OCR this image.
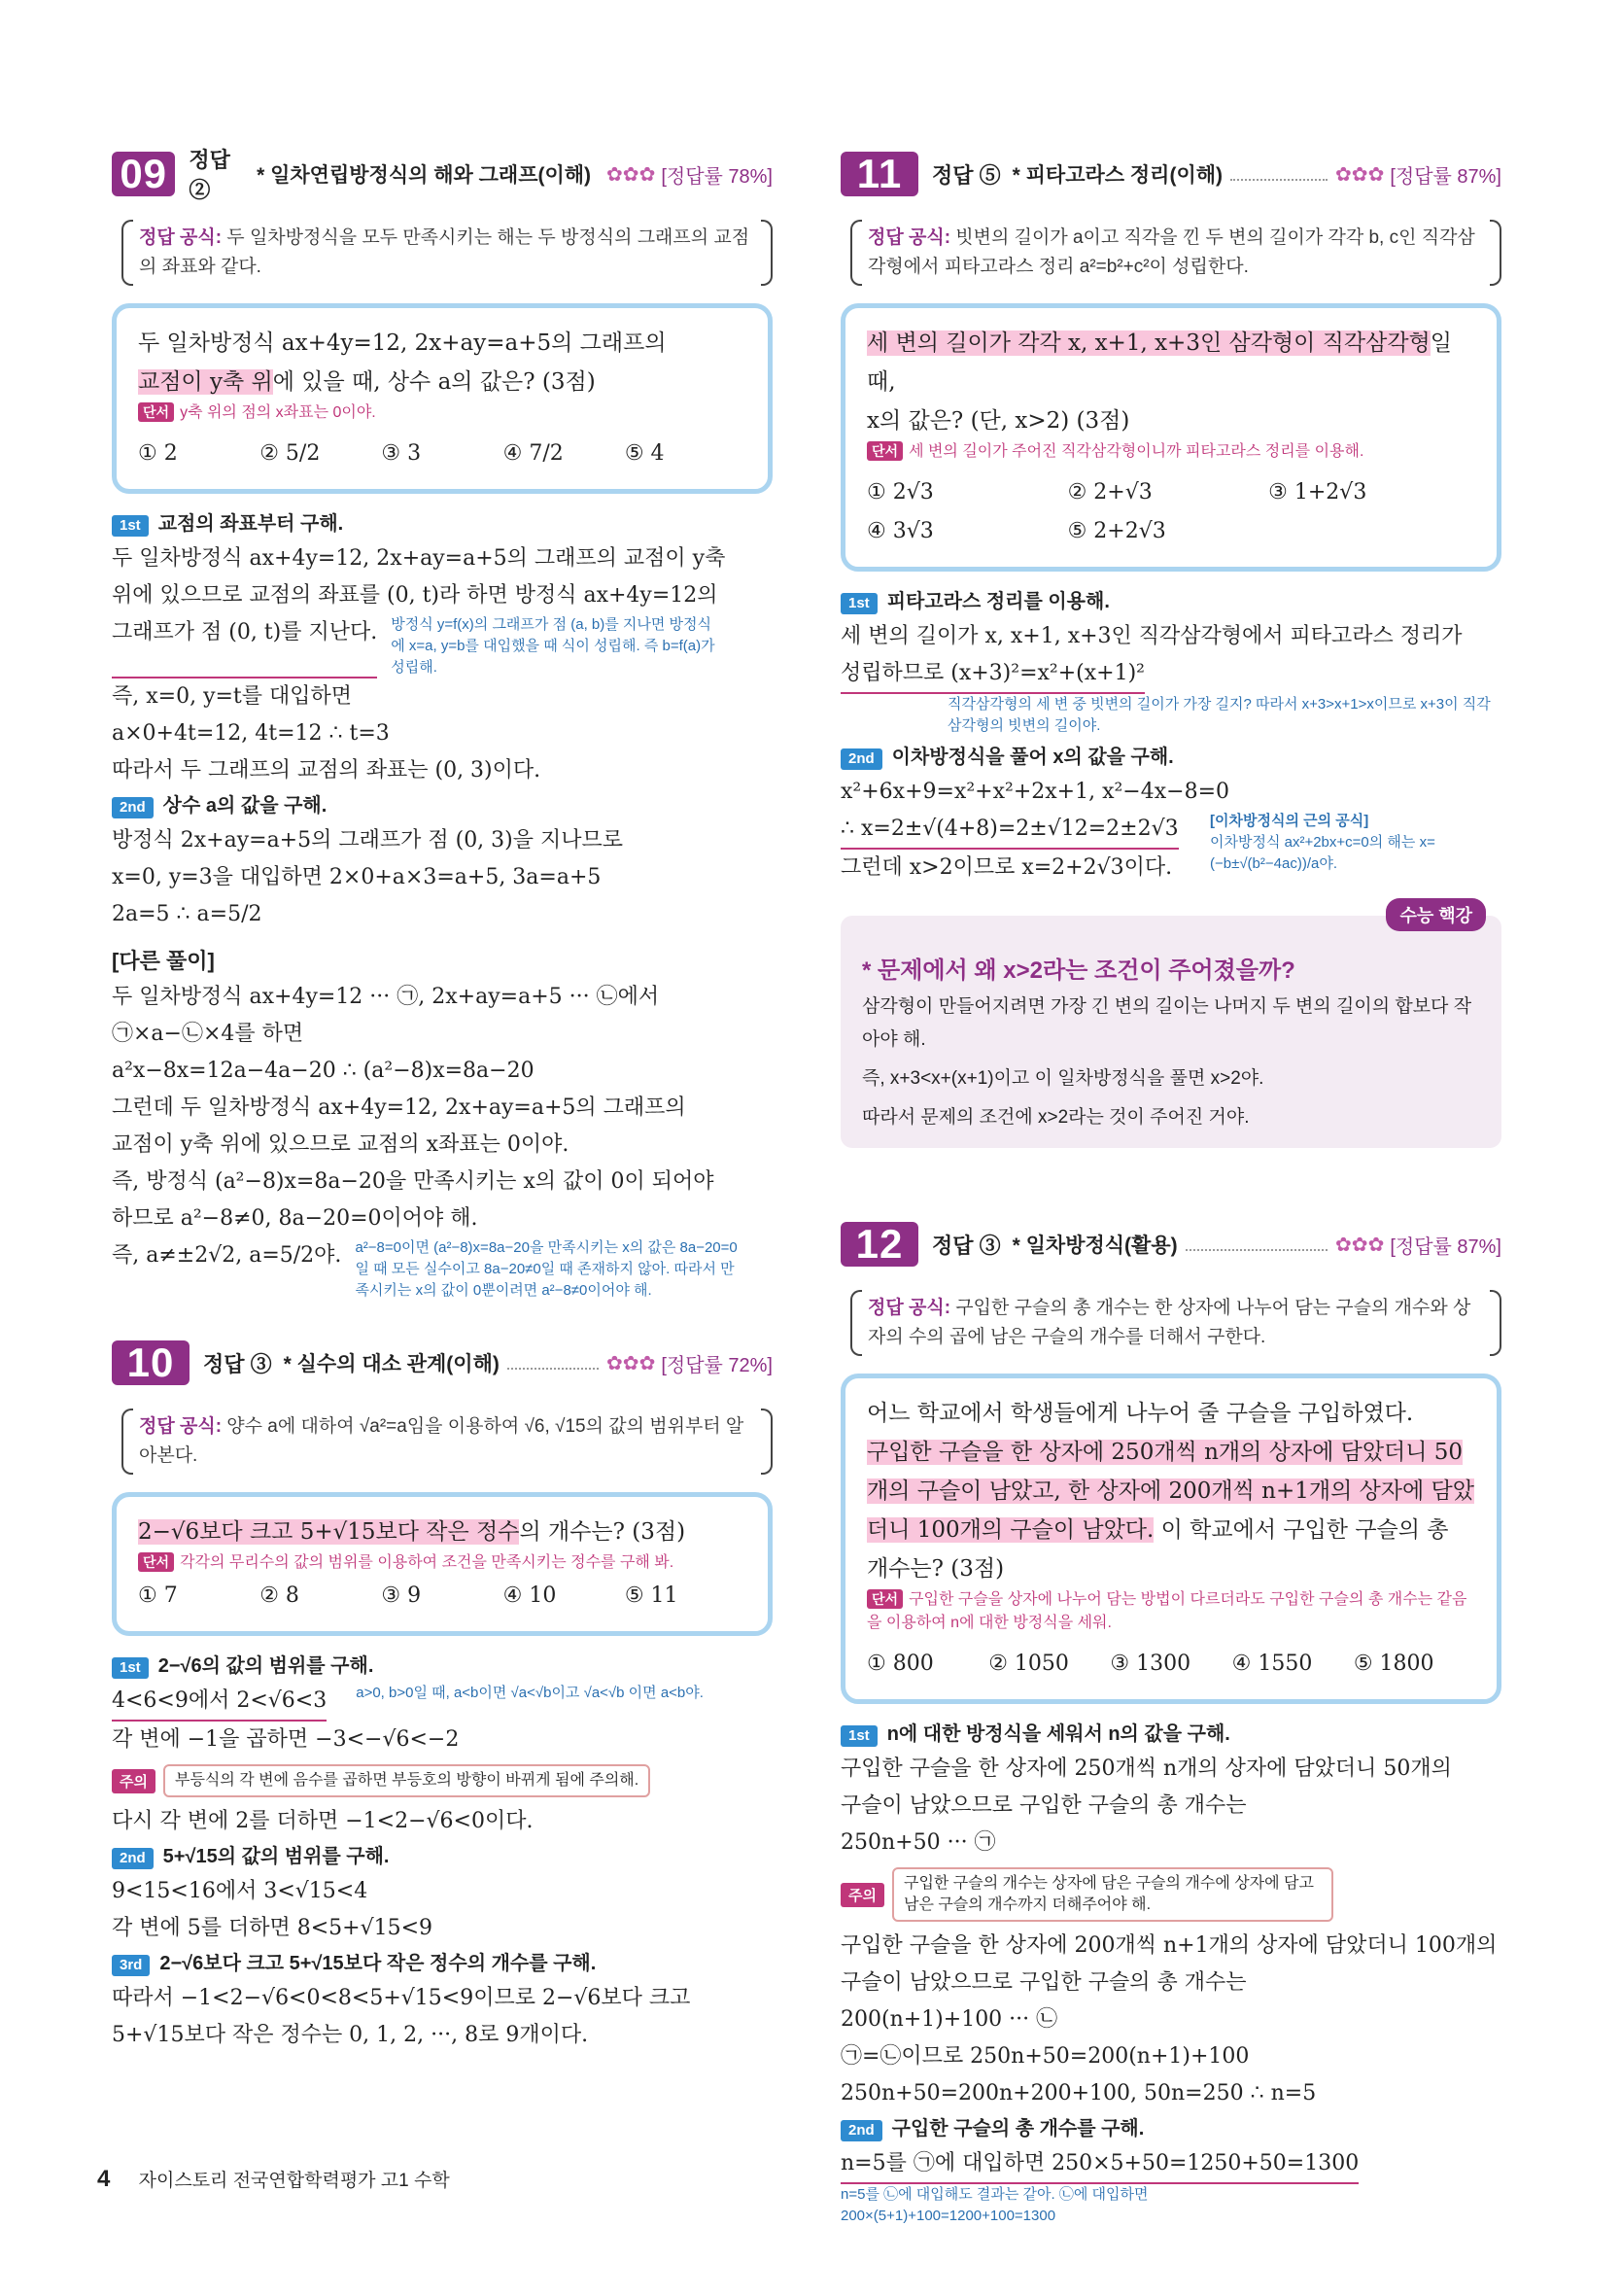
09	정답 ②
* 일차연립방정식의 해와 그래프(이해) ✿✿✿ [정답률 78%]
정답 공식: 두 일차방정식을 모두 만족시키는 해는 두 방정식의 그래프의 교점의 좌표와 같다.
두 일차방정식 ax+4y=12, 2x+ay=a+5의 그래프의
교점이 y축 위에 있을 때, 상수 a의 값은? (3점)
단서 y축 위의 점의 x좌표는 0이야.
① 2	② 5/2	③ 3	④ 7/2	⑤ 4
1st 교점의 좌표부터 구해.
두 일차방정식 ax+4y=12, 2x+ay=a+5의 그래프의 교점이 y축
위에 있으므로 교점의 좌표를 (0, t)라 하면 방정식 ax+4y=12의
그래프가 점 (0, t)를 지난다. 방정식 y=f(x)의 그래프가 점 (a, b)를 지나면 방정식에 x=a, y=b를 대입했을 때 식이 성립해. 즉 b=f(a)가 성립해.
즉, x=0, y=t를 대입하면
a×0+4t=12, 4t=12 ∴ t=3
따라서 두 그래프의 교점의 좌표는 (0, 3)이다.
2nd 상수 a의 값을 구해.
방정식 2x+ay=a+5의 그래프가 점 (0, 3)을 지나므로
x=0, y=3을 대입하면 2×0+a×3=a+5, 3a=a+5
2a=5 ∴ a=5/2
[다른 풀이]
두 일차방정식 ax+4y=12 ··· ㉠, 2x+ay=a+5 ··· ㉡에서
㉠×a−㉡×4를 하면
a²x−8x=12a−4a−20 ∴ (a²−8)x=8a−20
그런데 두 일차방정식 ax+4y=12, 2x+ay=a+5의 그래프의
교점이 y축 위에 있으므로 교점의 x좌표는 0이야.
즉, 방정식 (a²−8)x=8a−20을 만족시키는 x의 값이 0이 되어야
하므로 a²−8≠0, 8a−20=0이어야 해.
즉, a≠±2√2, a=5/2야. a²−8=0이면 (a²−8)x=8a−20을 만족시키는 x의 값은 8a−20=0일 때 모든 실수이고 8a−20≠0일 때 존재하지 않아. 따라서 만족시키는 x의 값이 0뿐이려면 a²−8≠0이어야 해.
10	정답 ③ * 실수의 대소 관계(이해)	✿✿✿ [정답률 72%]
정답 공식: 양수 a에 대하여 √a²=a임을 이용하여 √6, √15의 값의 범위부터 알아본다.
2−√6보다 크고 5+√15보다 작은 정수의 개수는? (3점)
단서 각각의 무리수의 값의 범위를 이용하여 조건을 만족시키는 정수를 구해 봐.
① 7	② 8	③ 9	④ 10	⑤ 11
1st 2−√6의 값의 범위를 구해.
4<6<9에서 2<√6<3 a>0, b>0일 때, a<b이면 √a<√b이고 √a<√b 이면 a<b야.
각 변에 −1을 곱하면 −3<−√6<−2
주의	부등식의 각 변에 음수를 곱하면 부등호의 방향이 바뀌게 됨에 주의해.
다시 각 변에 2를 더하면 −1<2−√6<0이다.
2nd 5+√15의 값의 범위를 구해.
9<15<16에서 3<√15<4
각 변에 5를 더하면 8<5+√15<9
3rd 2−√6보다 크고 5+√15보다 작은 정수의 개수를 구해.
따라서 −1<2−√6<0<8<5+√15<9이므로 2−√6보다 크고
5+√15보다 작은 정수는 0, 1, 2, ···, 8로 9개이다.
11	정답 ⑤ * 피타고라스 정리(이해)	✿✿✿ [정답률 87%]
정답 공식: 빗변의 길이가 a이고 직각을 낀 두 변의 길이가 각각 b, c인 직각삼각형에서 피타고라스 정리 a²=b²+c²이 성립한다.
세 변의 길이가 각각 x, x+1, x+3인 삼각형이 직각삼각형일 때,
x의 값은? (단, x>2) (3점)
단서 세 변의 길이가 주어진 직각삼각형이니까 피타고라스 정리를 이용해.
① 2√3	② 2+√3	③ 1+2√3
④ 3√3	⑤ 2+2√3
1st 피타고라스 정리를 이용해.
세 변의 길이가 x, x+1, x+3인 직각삼각형에서 피타고라스 정리가
성립하므로 (x+3)²=x²+(x+1)²
직각삼각형의 세 변 중 빗변의 길이가 가장 길지? 따라서 x+3>x+1>x이므로 x+3이 직각삼각형의 빗변의 길이야.
2nd 이차방정식을 풀어 x의 값을 구해.
x²+6x+9=x²+x²+2x+1, x²−4x−8=0
∴ x=2±√(4+8)=2±√12=2±2√3
그런데 x>2이므로 x=2+2√3이다.
[이차방정식의 근의 공식]
이차방정식 ax²+2bx+c=0의 해는 x=(−b±√(b²−4ac))/a야.
수능 핵강
* 문제에서 왜 x>2라는 조건이 주어졌을까?
삼각형이 만들어지려면 가장 긴 변의 길이는 나머지 두 변의 길이의 합보다 작아야 해.
즉, x+3<x+(x+1)이고 이 일차방정식을 풀면 x>2야.
따라서 문제의 조건에 x>2라는 것이 주어진 거야.
12	정답 ③ * 일차방정식(활용)	✿✿✿ [정답률 87%]
정답 공식: 구입한 구슬의 총 개수는 한 상자에 나누어 담는 구슬의 개수와 상자의 수의 곱에 남은 구슬의 개수를 더해서 구한다.
어느 학교에서 학생들에게 나누어 줄 구슬을 구입하였다.
구입한 구슬을 한 상자에 250개씩 n개의 상자에 담았더니 50개의 구슬이 남았고, 한 상자에 200개씩 n+1개의 상자에 담았더니 100개의 구슬이 남았다. 이 학교에서 구입한 구슬의 총 개수는? (3점)
단서 구입한 구슬을 상자에 나누어 담는 방법이 다르더라도 구입한 구슬의 총 개수는 같음을 이용하여 n에 대한 방정식을 세워.
① 800	② 1050	③ 1300	④ 1550	⑤ 1800
1st n에 대한 방정식을 세워서 n의 값을 구해.
구입한 구슬을 한 상자에 250개씩 n개의 상자에 담았더니 50개의
구슬이 남았으므로 구입한 구슬의 총 개수는
250n+50 ··· ㉠
주의
구입한 구슬의 개수는 상자에 담은 구슬의 개수에 상자에 담고 남은 구슬의 개수까지 더해주어야 해.
구입한 구슬을 한 상자에 200개씩 n+1개의 상자에 담았더니 100개의
구슬이 남았으므로 구입한 구슬의 총 개수는
200(n+1)+100 ··· ㉡
㉠=㉡이므로 250n+50=200(n+1)+100
250n+50=200n+200+100, 50n=250 ∴ n=5
2nd 구입한 구슬의 총 개수를 구해.
n=5를 ㉠에 대입하면 250×5+50=1250+50=1300
n=5를 ㉡에 대입해도 결과는 같아. ㉡에 대입하면 200×(5+1)+100=1200+100=1300
4 자이스토리 전국연합학력평가 고1 수학
